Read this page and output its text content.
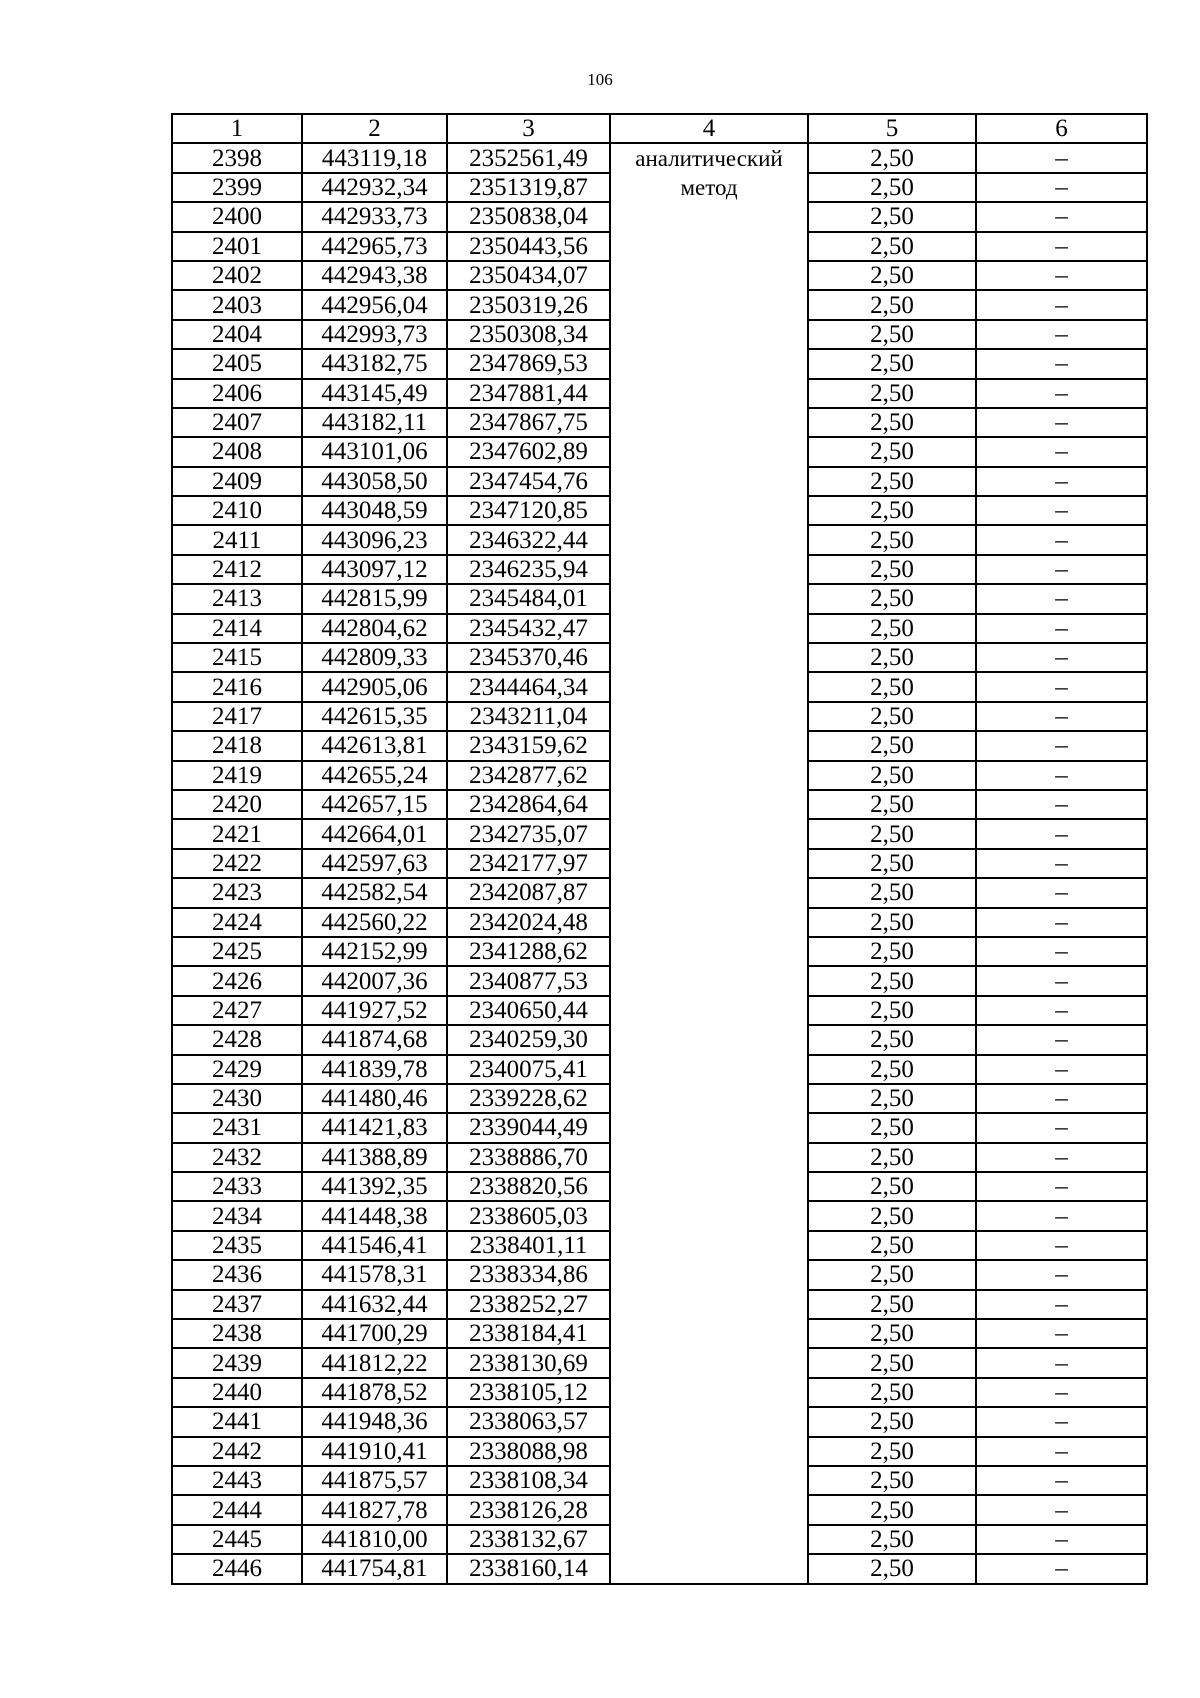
106
1	2	3	4	5	6
2398	443119,18	2352561,49	аналитический метод	2,50	–
2399	442932,34	2351319,87		2,50	–
2400	442933,73	2350838,04		2,50	–
2401	442965,73	2350443,56		2,50	–
2402	442943,38	2350434,07		2,50	–
2403	442956,04	2350319,26		2,50	–
2404	442993,73	2350308,34		2,50	–
2405	443182,75	2347869,53		2,50	–
2406	443145,49	2347881,44		2,50	–
2407	443182,11	2347867,75		2,50	–
2408	443101,06	2347602,89		2,50	–
2409	443058,50	2347454,76		2,50	–
2410	443048,59	2347120,85		2,50	–
2411	443096,23	2346322,44		2,50	–
2412	443097,12	2346235,94		2,50	–
2413	442815,99	2345484,01		2,50	–
2414	442804,62	2345432,47		2,50	–
2415	442809,33	2345370,46		2,50	–
2416	442905,06	2344464,34		2,50	–
2417	442615,35	2343211,04		2,50	–
2418	442613,81	2343159,62		2,50	–
2419	442655,24	2342877,62		2,50	–
2420	442657,15	2342864,64		2,50	–
2421	442664,01	2342735,07		2,50	–
2422	442597,63	2342177,97		2,50	–
2423	442582,54	2342087,87		2,50	–
2424	442560,22	2342024,48		2,50	–
2425	442152,99	2341288,62		2,50	–
2426	442007,36	2340877,53		2,50	–
2427	441927,52	2340650,44		2,50	–
2428	441874,68	2340259,30		2,50	–
2429	441839,78	2340075,41		2,50	–
2430	441480,46	2339228,62		2,50	–
2431	441421,83	2339044,49		2,50	–
2432	441388,89	2338886,70		2,50	–
2433	441392,35	2338820,56		2,50	–
2434	441448,38	2338605,03		2,50	–
2435	441546,41	2338401,11		2,50	–
2436	441578,31	2338334,86		2,50	–
2437	441632,44	2338252,27		2,50	–
2438	441700,29	2338184,41		2,50	–
2439	441812,22	2338130,69		2,50	–
2440	441878,52	2338105,12		2,50	–
2441	441948,36	2338063,57		2,50	–
2442	441910,41	2338088,98		2,50	–
2443	441875,57	2338108,34		2,50	–
2444	441827,78	2338126,28		2,50	–
2445	441810,00	2338132,67		2,50	–
2446	441754,81	2338160,14		2,50	–
